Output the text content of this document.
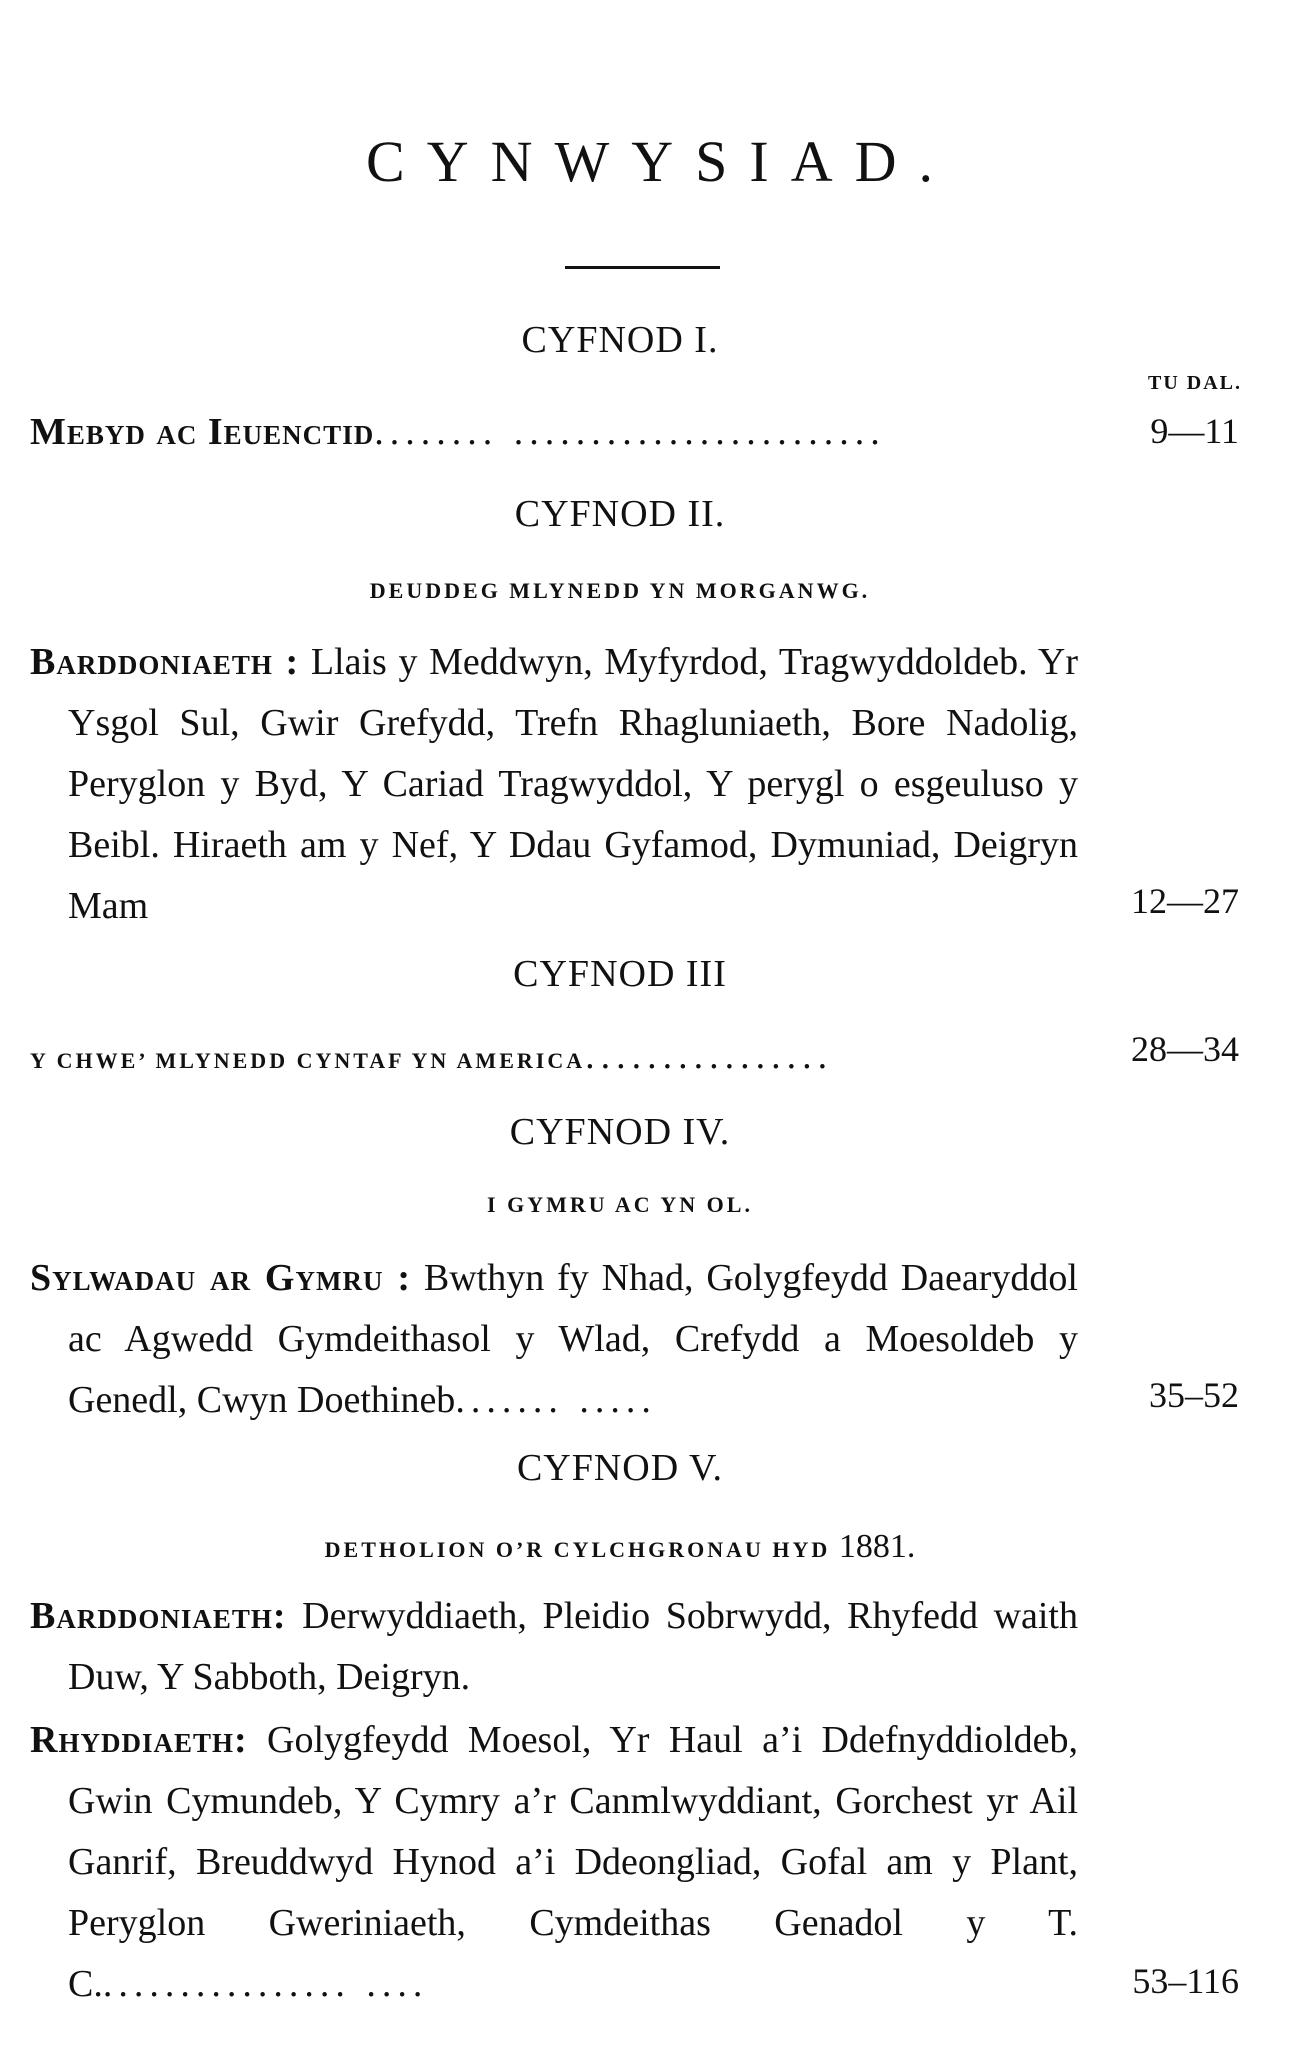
CYNWYSIAD.
CYFNOD I.
TU DAL.

Mebyd ac Ieuenctid........ ........................	9—11
CYFNOD II.
DEUDDEG MLYNEDD YN MORGANWG.

Barddoniaeth : Llais y Meddwyn, Myfyrdod, Tragwyddoldeb. Yr Ysgol Sul, Gwir Grefydd, Trefn Rhagluniaeth, Bore Nadolig, Peryglon y Byd, Y Cariad Tragwyddol, Y perygl o esgeuluso y Beibl. Hiraeth am y Nef, Y Ddau Gyfamod, Dymuniad, Deigryn Mam	12—27
CYFNOD III

Y CHWE’ MLYNEDD CYNTAF YN AMERICA................	28—34
CYFNOD IV.
I GYMRU AC YN OL.

Sylwadau ar Gymru : Bwthyn fy Nhad, Golygfeydd Daearyddol ac Agwedd Gymdeithasol y Wlad, Crefydd a Moesoldeb y Genedl, Cwyn Doethineb....... .....	35–52
CYFNOD V.
DETHOLION O’R CYLCHGRONAU HYD 1881.

Barddoniaeth: Derwyddiaeth, Pleidio Sobrwydd, Rhyfedd waith Duw, Y Sabboth, Deigryn.

Rhyddiaeth: Golygfeydd Moesol, Yr Haul a’i Ddefnyddioldeb, Gwin Cymundeb, Y Cymry a’r Canmlwyddiant, Gorchest yr Ail Ganrif, Breuddwyd Hynod a’i Ddeongliad, Gofal am y Plant, Peryglon Gweriniaeth, Cymdeithas Genadol y T. C................. ....	53–116
